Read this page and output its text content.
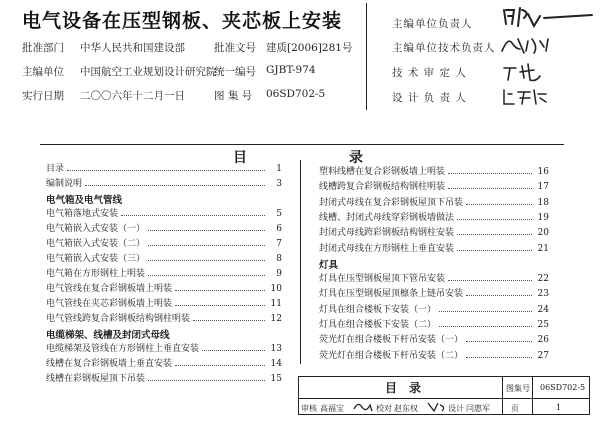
电气设备在压型钢板、夹芯板上安装
批准部门 中华人民共和国建设部	批准文号 建质[2006]281号
主编单位 中国航空工业规划设计研究院
统一编号 GJBT-974
实行日期 二〇〇六年十二月一日	图 集 号 06SD702-5
主编单位负责人
主编单位技术负责人
技 术 审 定 人
设 计 负 责 人
目	录
目录	1
编制说明	3
电气箱及电气管线
电气箱落地式安装	5
电气箱嵌入式安装（一）	6
电气箱嵌入式安装（二）	7
电气箱嵌入式安装（三）	8
电气箱在方形钢柱上明装	9
电气管线在复合彩钢板墙上明装	10
电气管线在夹芯彩钢板墙上明装	11
电气管线跨复合彩钢板结构钢柱明装	12
电缆梯架、线槽及封闭式母线
电缆梯架及管线在方形钢柱上垂直安装	13
线槽在复合彩钢板墙上垂直安装	14
线槽在彩钢板屋顶下吊装	15
塑料线槽在复合彩钢板墙上明装	16
线槽跨复合彩钢板结构钢柱明装	17
封闭式母线在复合彩钢板屋顶下吊装	18
线槽、封闭式母线穿彩钢板墙做法	19
封闭式母线跨彩钢板结构钢柱安装	20
封闭式母线在方形钢柱上垂直安装	21
灯具
灯具在压型钢板屋顶下管吊安装	22
灯具在压型钢板屋顶檩条上链吊安装	23
灯具在组合楼板下安装（一）	24
灯具在组合楼板下安装（二）	25
荧光灯在组合楼板下杆吊安装（一）	26
荧光灯在组合楼板下杆吊安装（二）	27
目　录	图集号 06SD702-5
页	1
审核 高福宝	校对 赵东权	设计 闫惠军
